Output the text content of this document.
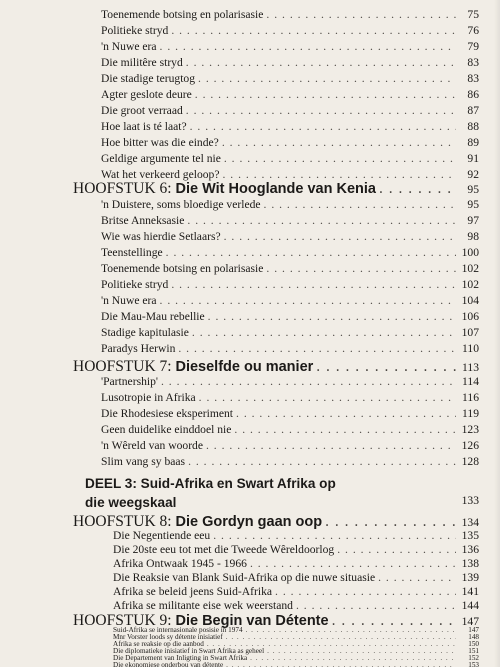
Toenemende botsing en polarisasie . . .	75
Politieke stryd . . .	76
'n Nuwe era . . .	79
Die militêre stryd . . .	83
Die stadige terugtog . . .	83
Agter geslote deure . . .	86
Die groot verraad . . .	87
Hoe laat is té laat? . . .	88
Hoe bitter was die einde? . . .	89
Geldige argumente tel nie . . .	91
Wat het verkeerd geloop? . . .	92
HOOFSTUK 6: Die Wit Hooglande van Kenia . . .	95
'n Duistere, soms bloedige verlede . . .	95
Britse Anneksasie . . .	97
Wie was hierdie Setlaars? . . .	98
Teenstellinge . . .	100
Toenemende botsing en polarisasie . . .	102
Politieke stryd . . .	102
'n Nuwe era . . .	104
Die Mau-Mau rebellie . . .	106
Stadige kapitulasie . . .	107
Paradys Herwin . . .	110
HOOFSTUK 7: Dieselfde ou manier . . .	113
'Partnership' . . .	114
Lusotropie in Afrika . . .	116
Die Rhodesiese eksperiment . . .	119
Geen duidelike einddoel nie . . .	123
'n Wêreld van woorde . . .	126
Slim vang sy baas . . .	128
DEEL 3: Suid-Afrika en Swart Afrika op
die weegskaal	133
HOOFSTUK 8: Die Gordyn gaan oop . . .	134
Die Negentiende eeu . . .	135
Die 20ste eeu tot met die Tweede Wêreldoorlog . . .	136
Afrika Ontwaak 1945 - 1966 . . .	138
Die Reaksie van Blank Suid-Afrika op die nuwe situasie . . .	139
Afrika se beleid jeens Suid-Afrika . . .	141
Afrika se militante eise wek weerstand . . .	144
HOOFSTUK 9: Die Begin van Détente . . .	147
Suid-Afrika se internasionale posisie in 1974 . . .	147
Mnr Vorster loods sy détente inisiatief . . .	148
Afrika se reaksie op die aanbod . . .	150
Die diplomatieke inisiatief in Swart Afrika as geheel . . .	151
Die Departement van Inligting in Swart Afrika . . .	152
Die ekonomiese onderbou van détente . . .	153
